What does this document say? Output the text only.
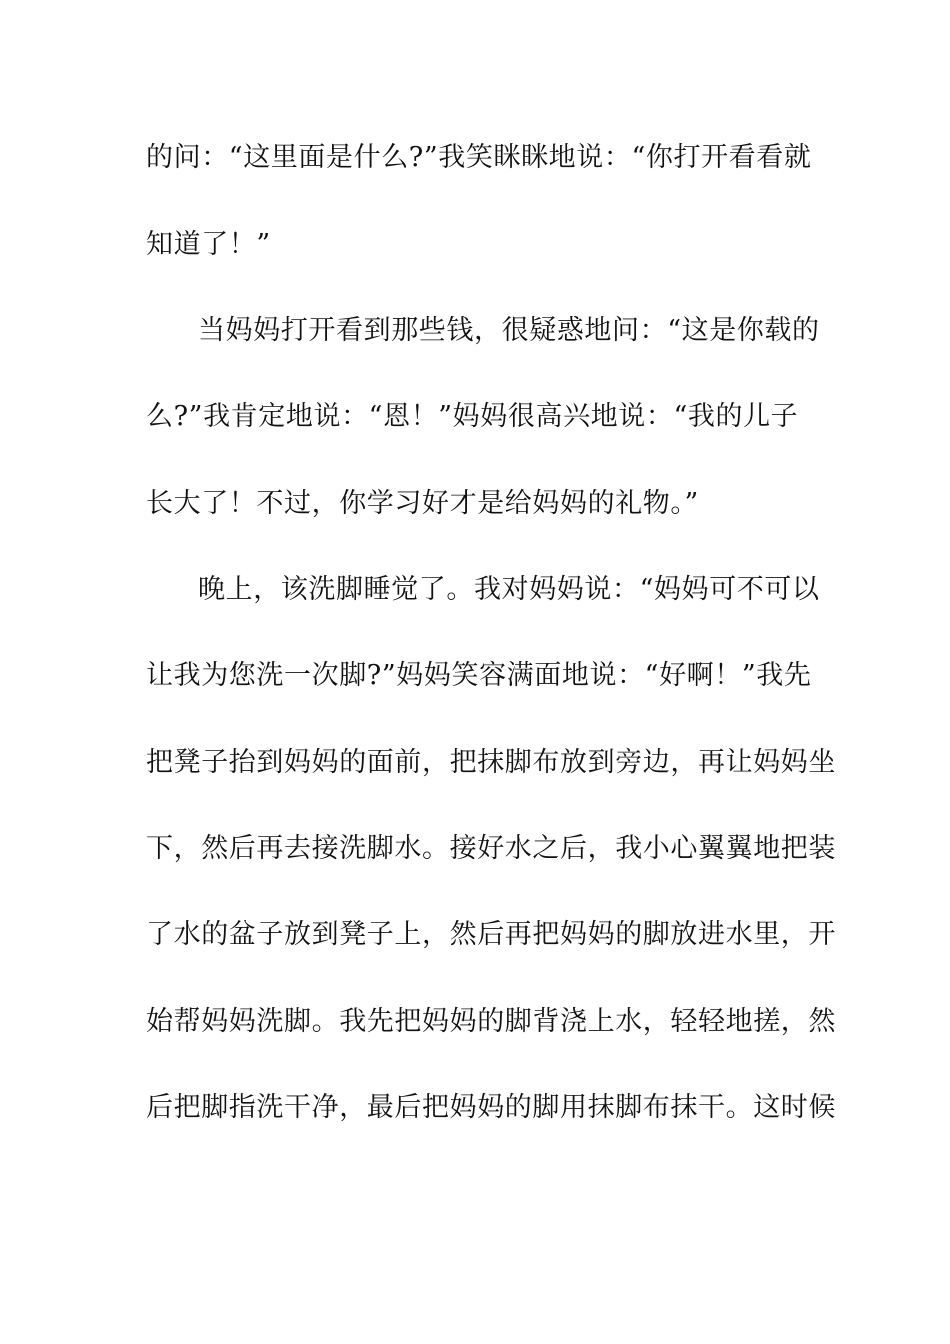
的问：“这里面是什么?”我笑眯眯地说：“你打开看看就
知道了！”
当妈妈打开看到那些钱，很疑惑地问：“这是你载的
么?”我肯定地说：“恩！”妈妈很高兴地说：“我的儿子
长大了！不过，你学习好才是给妈妈的礼物。”
晚上，该洗脚睡觉了。我对妈妈说：“妈妈可不可以
让我为您洗一次脚?”妈妈笑容满面地说：“好啊！”我先
把凳子抬到妈妈的面前，把抹脚布放到旁边，再让妈妈坐
下，然后再去接洗脚水。接好水之后，我小心翼翼地把装
了水的盆子放到凳子上，然后再把妈妈的脚放进水里，开
始帮妈妈洗脚。我先把妈妈的脚背浇上水，轻轻地搓，然
后把脚指洗干净，最后把妈妈的脚用抹脚布抹干。这时候
